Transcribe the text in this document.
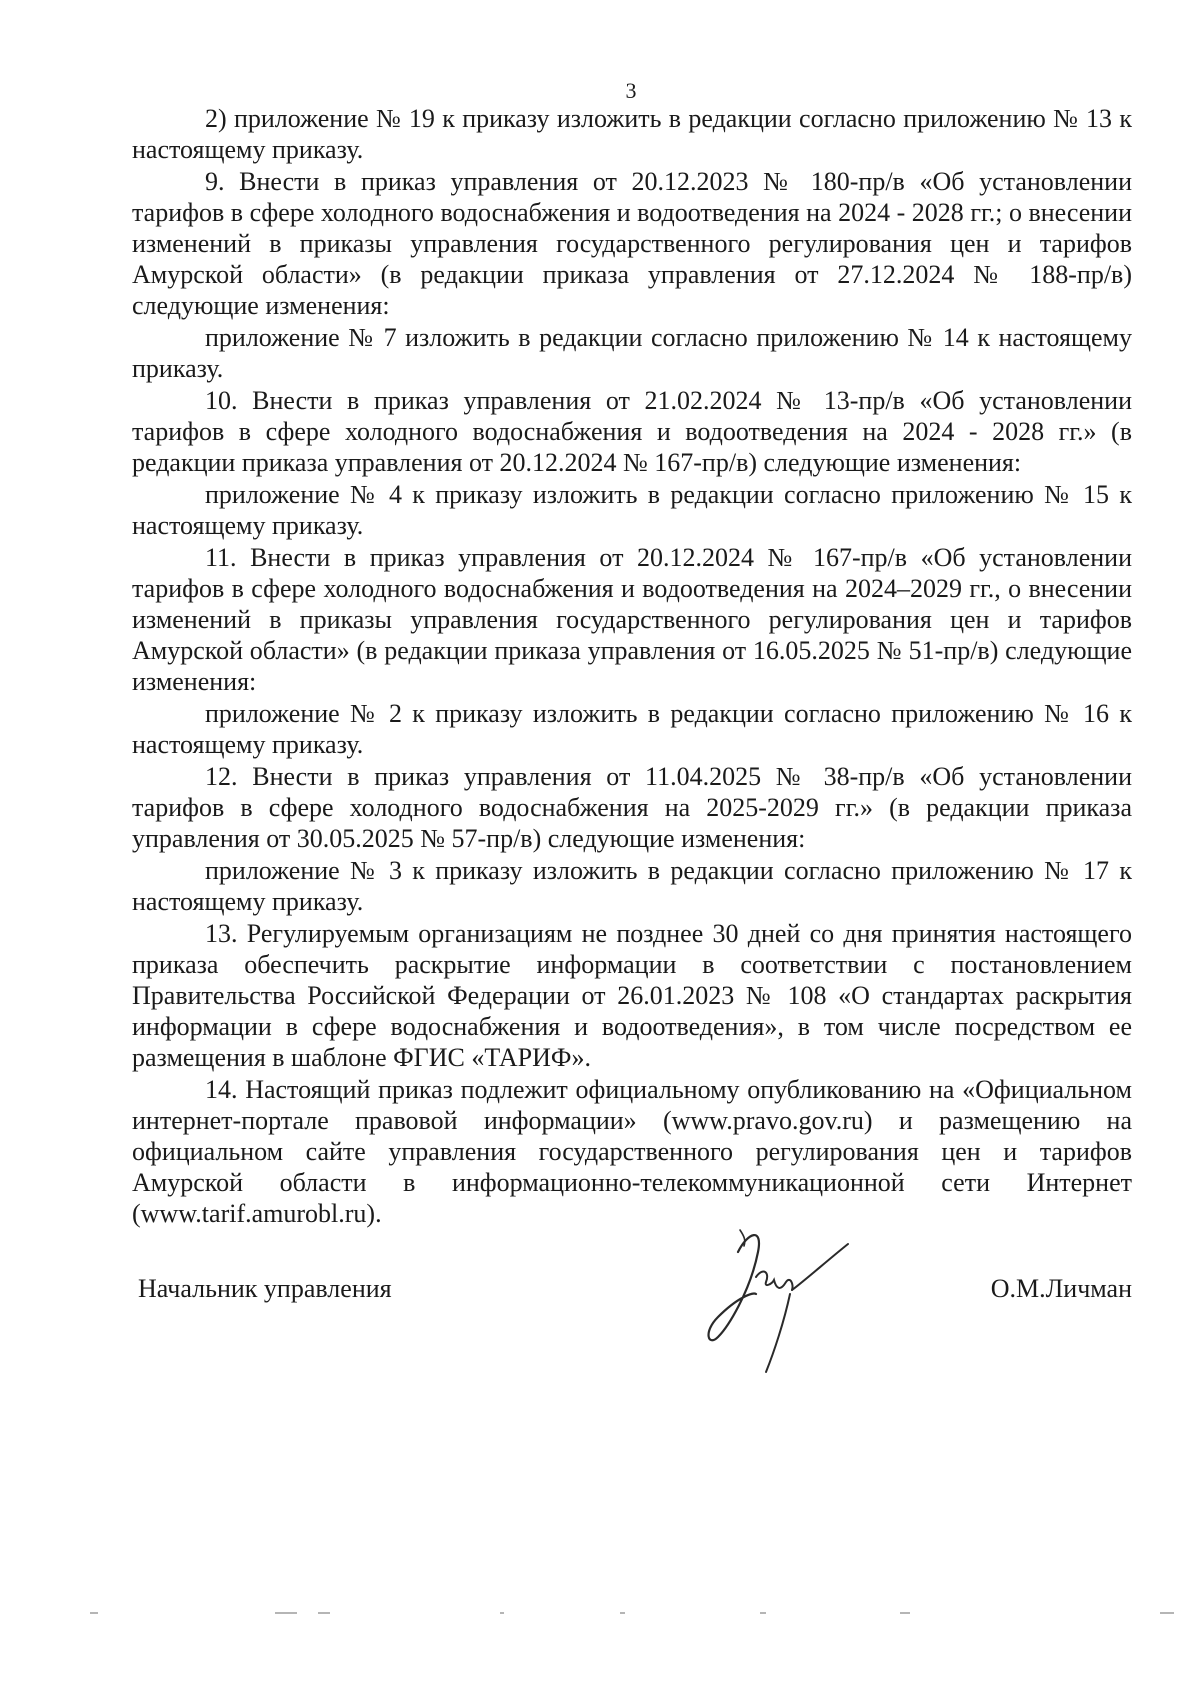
3

2) приложение № 19 к приказу изложить в редакции согласно приложению № 13 к настоящему приказу.

9. Внести в приказ управления от 20.12.2023 № 180-пр/в «Об установлении тарифов в сфере холодного водоснабжения и водоотведения на 2024 - 2028 гг.; о внесении изменений в приказы управления государственного регулирования цен и тарифов Амурской области» (в редакции приказа управления от 27.12.2024 № 188-пр/в) следующие изменения:

приложение № 7 изложить в редакции согласно приложению № 14 к настоящему приказу.

10. Внести в приказ управления от 21.02.2024 № 13-пр/в «Об установлении тарифов в сфере холодного водоснабжения и водоотведения на 2024 - 2028 гг.» (в редакции приказа управления от 20.12.2024 № 167-пр/в) следующие изменения:

приложение № 4 к приказу изложить в редакции согласно приложению № 15 к настоящему приказу.

11. Внести в приказ управления от 20.12.2024 № 167-пр/в «Об установлении тарифов в сфере холодного водоснабжения и водоотведения на 2024–2029 гг., о внесении изменений в приказы управления государственного регулирования цен и тарифов Амурской области» (в редакции приказа управления от 16.05.2025 № 51-пр/в) следующие изменения:

приложение № 2 к приказу изложить в редакции согласно приложению № 16 к настоящему приказу.

12. Внести в приказ управления от 11.04.2025 № 38-пр/в «Об установлении тарифов в сфере холодного водоснабжения на 2025-2029 гг.» (в редакции приказа управления от 30.05.2025 № 57-пр/в) следующие изменения:

приложение № 3 к приказу изложить в редакции согласно приложению № 17 к настоящему приказу.

13. Регулируемым организациям не позднее 30 дней со дня принятия настоящего приказа обеспечить раскрытие информации в соответствии с постановлением Правительства Российской Федерации от 26.01.2023 № 108 «О стандартах раскрытия информации в сфере водоснабжения и водоотведения», в том числе посредством ее размещения в шаблоне ФГИС «ТАРИФ».

14. Настоящий приказ подлежит официальному опубликованию на «Официальном интернет-портале правовой информации» (www.pravo.gov.ru) и размещению на официальном сайте управления государственного регулирования цен и тарифов Амурской области в информационно-телекоммуникационной сети Интернет (www.tarif.amurobl.ru).

Начальник управления	О.М.Личман
